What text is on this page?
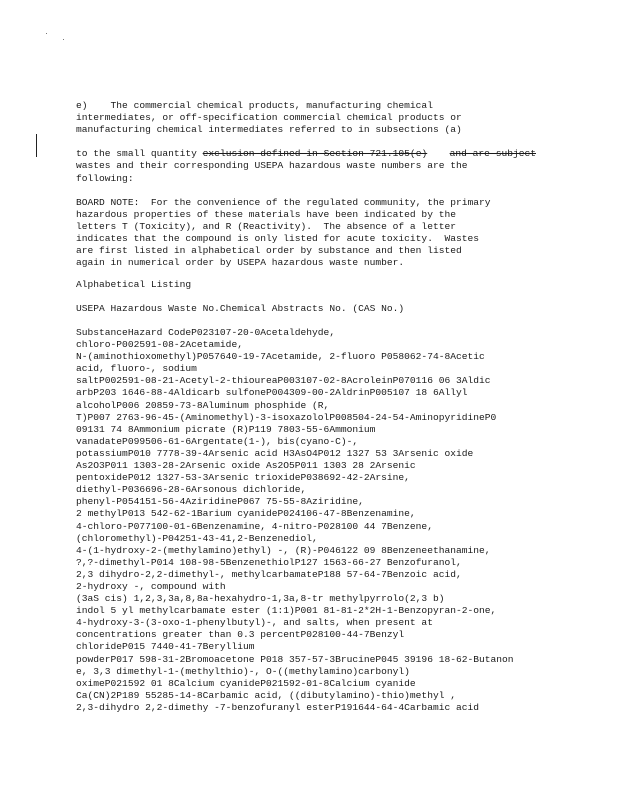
e)    The commercial chemical products, manufacturing chemical
intermediates, or off-specification commercial chemical products or
manufacturing chemical intermediates referred to in subsections (a)

and are subject

to the small quantity exclusion defined in Section 721.105(e)
wastes and their corresponding USEPA hazardous waste numbers are the
following:
BOARD NOTE:  For the convenience of the regulated community, the primary
hazardous properties of these materials have been indicated by the
letters T (Toxicity), and R (Reactivity).  The absence of a letter
indicates that the compound is only listed for acute toxicity.  Wastes
are first listed in alphabetical order by substance and then listed
again in numerical order by USEPA hazardous waste number.
Alphabetical Listing
USEPA Hazardous Waste No.Chemical Abstracts No. (CAS No.)
SubstanceHazard CodeP023107-20-0Acetaldehyde,
chloro-P002591-08-2Acetamide,
N-(aminothioxomethyl)P057640-19-7Acetamide, 2-fluoro P058062-74-8Acetic
acid, fluoro-, sodium
saltP002591-08-21-Acetyl-2-thioureaP003107-02-8AcroleinP070116 06 3Aldic
arbP203 1646-88-4Aldicarb sulfoneP004309-00-2AldrinP005107 18 6Allyl
alcoholP006 20859-73-8Aluminum phosphide (R,
T)P007 2763-96-45-(Aminomethyl)-3-isoxazololP008504-24-54-AminopyridineP0
09131 74 8Ammonium picrate (R)P119 7803-55-6Ammonium
vanadateP099506-61-6Argentate(1-), bis(cyano-C)-,
potassiumP010 7778-39-4Arsenic acid H3AsO4P012 1327 53 3Arsenic oxide
As2O3P011 1303-28-2Arsenic oxide As2O5P011 1303 28 2Arsenic
pentoxideP012 1327-53-3Arsenic trioxideP038692-42-2Arsine,
diethyl-P036696-28-6Arsonous dichloride,
phenyl-P054151-56-4AziridineP067 75-55-8Aziridine,
2 methylP013 542-62-1Barium cyanideP024106-47-8Benzenamine,
4-chloro-P077100-01-6Benzenamine, 4-nitro-P028100 44 7Benzene,
(chloromethyl)-P04251-43-41,2-Benzenediol,
4-(1-hydroxy-2-(methylamino)ethyl) -, (R)-P046122 09 8Benzeneethanamine,
?,?-dimethyl-P014 108-98-5BenzenethiolP127 1563-66-27 Benzofuranol,
2,3 dihydro-2,2-dimethyl-, methylcarbamateP188 57-64-7Benzoic acid,
2-hydroxy -, compound with
(3aS cis) 1,2,3,3a,8,8a-hexahydro-1,3a,8-tr methylpyrrolo(2,3 b)
indol 5 yl methylcarbamate ester (1:1)P001 81-81-2*2H-1-Benzopyran-2-one,
4-hydroxy-3-(3-oxo-1-phenylbutyl)-, and salts, when present at
concentrations greater than 0.3 percentP028100-44-7Benzyl
chlorideP015 7440-41-7Beryllium
powderP017 598-31-2Bromoacetone P018 357-57-3BrucineP045 39196 18-62-Butanon
e, 3,3 dimethyl-1-(methylthio)-, O-((methylamino)carbonyl)
oximeP021592 01 8Calcium cyanideP021592-01-8Calcium cyanide
Ca(CN)2P189 55285-14-8Carbamic acid, ((dibutylamino)-thio)methyl ,
2,3-dihydro 2,2-dimethy -7-benzofuranyl esterP191644-64-4Carbamic acid
